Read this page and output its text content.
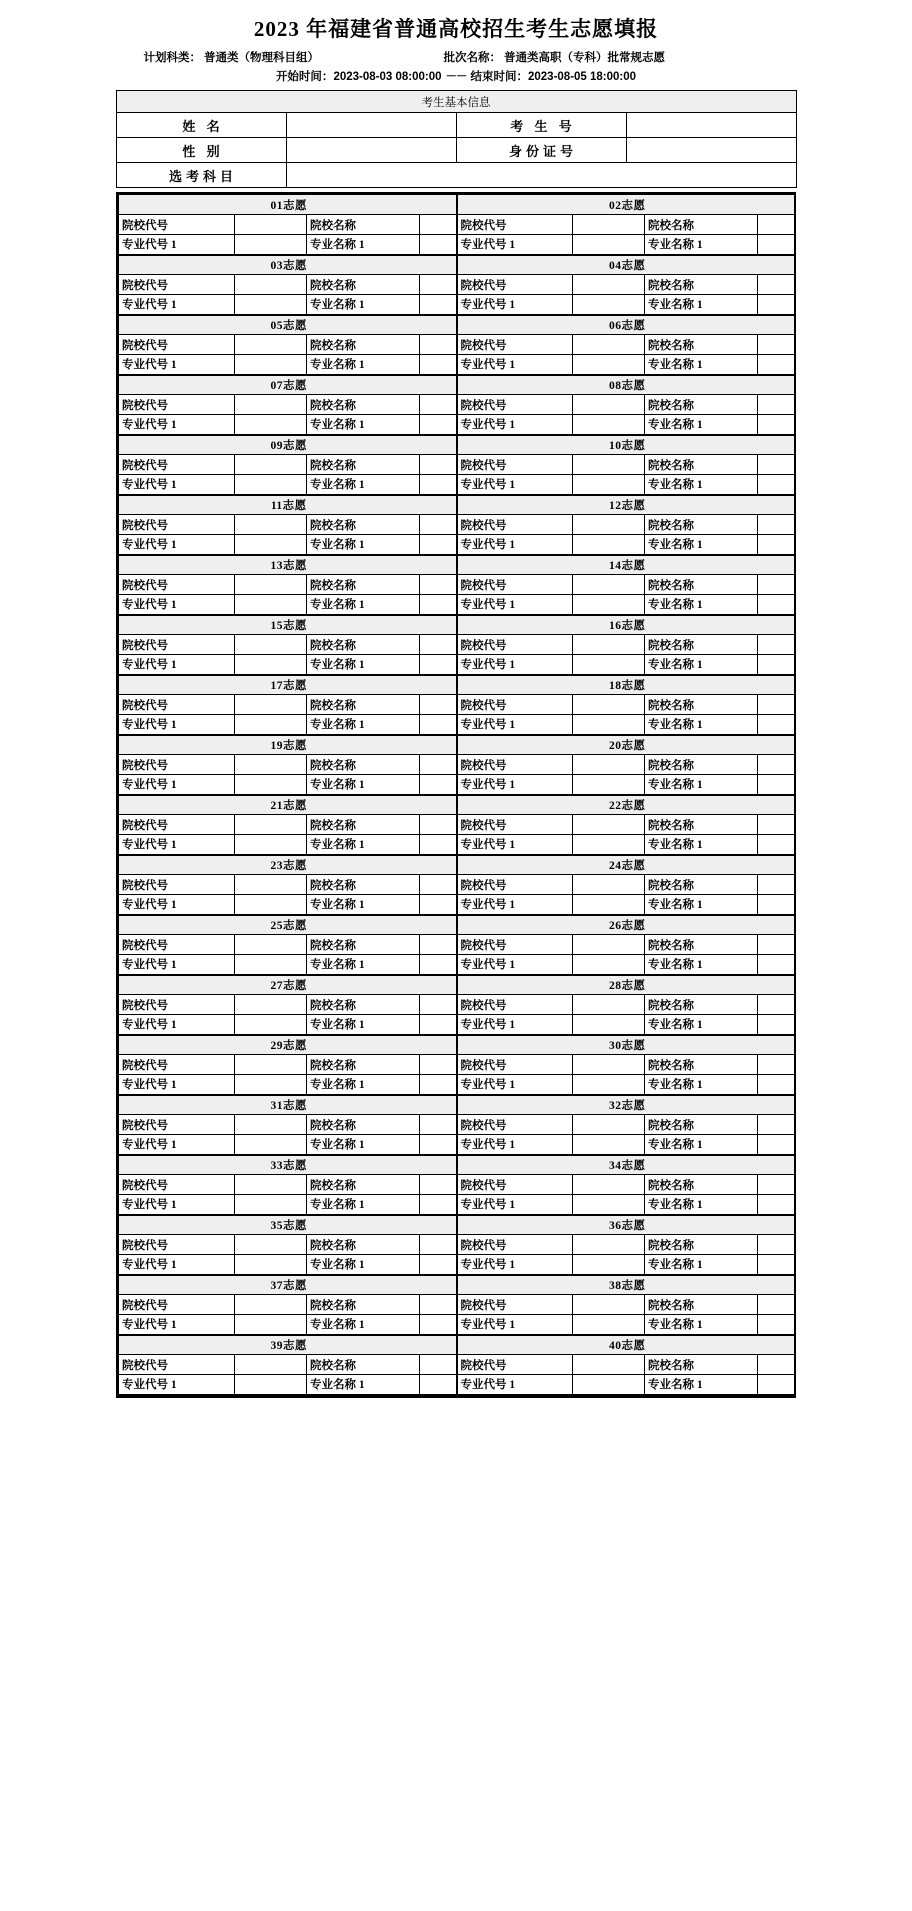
2023 年福建省普通高校招生考生志愿填报
计划科类： 普通类（物理科目组）	批次名称： 普通类高职（专科）批常规志愿
开始时间：2023-08-03 08:00:00 －－ 结束时间：2023-08-05 18:00:00
考生基本信息			
姓 名		考 生 号	
性 别		身份证号	
选考科目			
01志愿				02志愿			
院校代号		院校名称		院校代号		院校名称	
专业代号 1		专业名称 1		专业代号 1		专业名称 1	
03志愿				04志愿			
院校代号		院校名称		院校代号		院校名称	
专业代号 1		专业名称 1		专业代号 1		专业名称 1	
05志愿				06志愿			
院校代号		院校名称		院校代号		院校名称	
专业代号 1		专业名称 1		专业代号 1		专业名称 1	
07志愿				08志愿			
院校代号		院校名称		院校代号		院校名称	
专业代号 1		专业名称 1		专业代号 1		专业名称 1	
09志愿				10志愿			
院校代号		院校名称		院校代号		院校名称	
专业代号 1		专业名称 1		专业代号 1		专业名称 1	
11志愿				12志愿			
院校代号		院校名称		院校代号		院校名称	
专业代号 1		专业名称 1		专业代号 1		专业名称 1	
13志愿				14志愿			
院校代号		院校名称		院校代号		院校名称	
专业代号 1		专业名称 1		专业代号 1		专业名称 1	
15志愿				16志愿			
院校代号		院校名称		院校代号		院校名称	
专业代号 1		专业名称 1		专业代号 1		专业名称 1	
17志愿				18志愿			
院校代号		院校名称		院校代号		院校名称	
专业代号 1		专业名称 1		专业代号 1		专业名称 1	
19志愿				20志愿			
院校代号		院校名称		院校代号		院校名称	
专业代号 1		专业名称 1		专业代号 1		专业名称 1	
21志愿				22志愿			
院校代号		院校名称		院校代号		院校名称	
专业代号 1		专业名称 1		专业代号 1		专业名称 1	
23志愿				24志愿			
院校代号		院校名称		院校代号		院校名称	
专业代号 1		专业名称 1		专业代号 1		专业名称 1	
25志愿				26志愿			
院校代号		院校名称		院校代号		院校名称	
专业代号 1		专业名称 1		专业代号 1		专业名称 1	
27志愿				28志愿			
院校代号		院校名称		院校代号		院校名称	
专业代号 1		专业名称 1		专业代号 1		专业名称 1	
29志愿				30志愿			
院校代号		院校名称		院校代号		院校名称	
专业代号 1		专业名称 1		专业代号 1		专业名称 1	
31志愿				32志愿			
院校代号		院校名称		院校代号		院校名称	
专业代号 1		专业名称 1		专业代号 1		专业名称 1	
33志愿				34志愿			
院校代号		院校名称		院校代号		院校名称	
专业代号 1		专业名称 1		专业代号 1		专业名称 1	
35志愿				36志愿			
院校代号		院校名称		院校代号		院校名称	
专业代号 1		专业名称 1		专业代号 1		专业名称 1	
37志愿				38志愿			
院校代号		院校名称		院校代号		院校名称	
专业代号 1		专业名称 1		专业代号 1		专业名称 1	
39志愿				40志愿			
院校代号		院校名称		院校代号		院校名称	
专业代号 1		专业名称 1		专业代号 1		专业名称 1	
